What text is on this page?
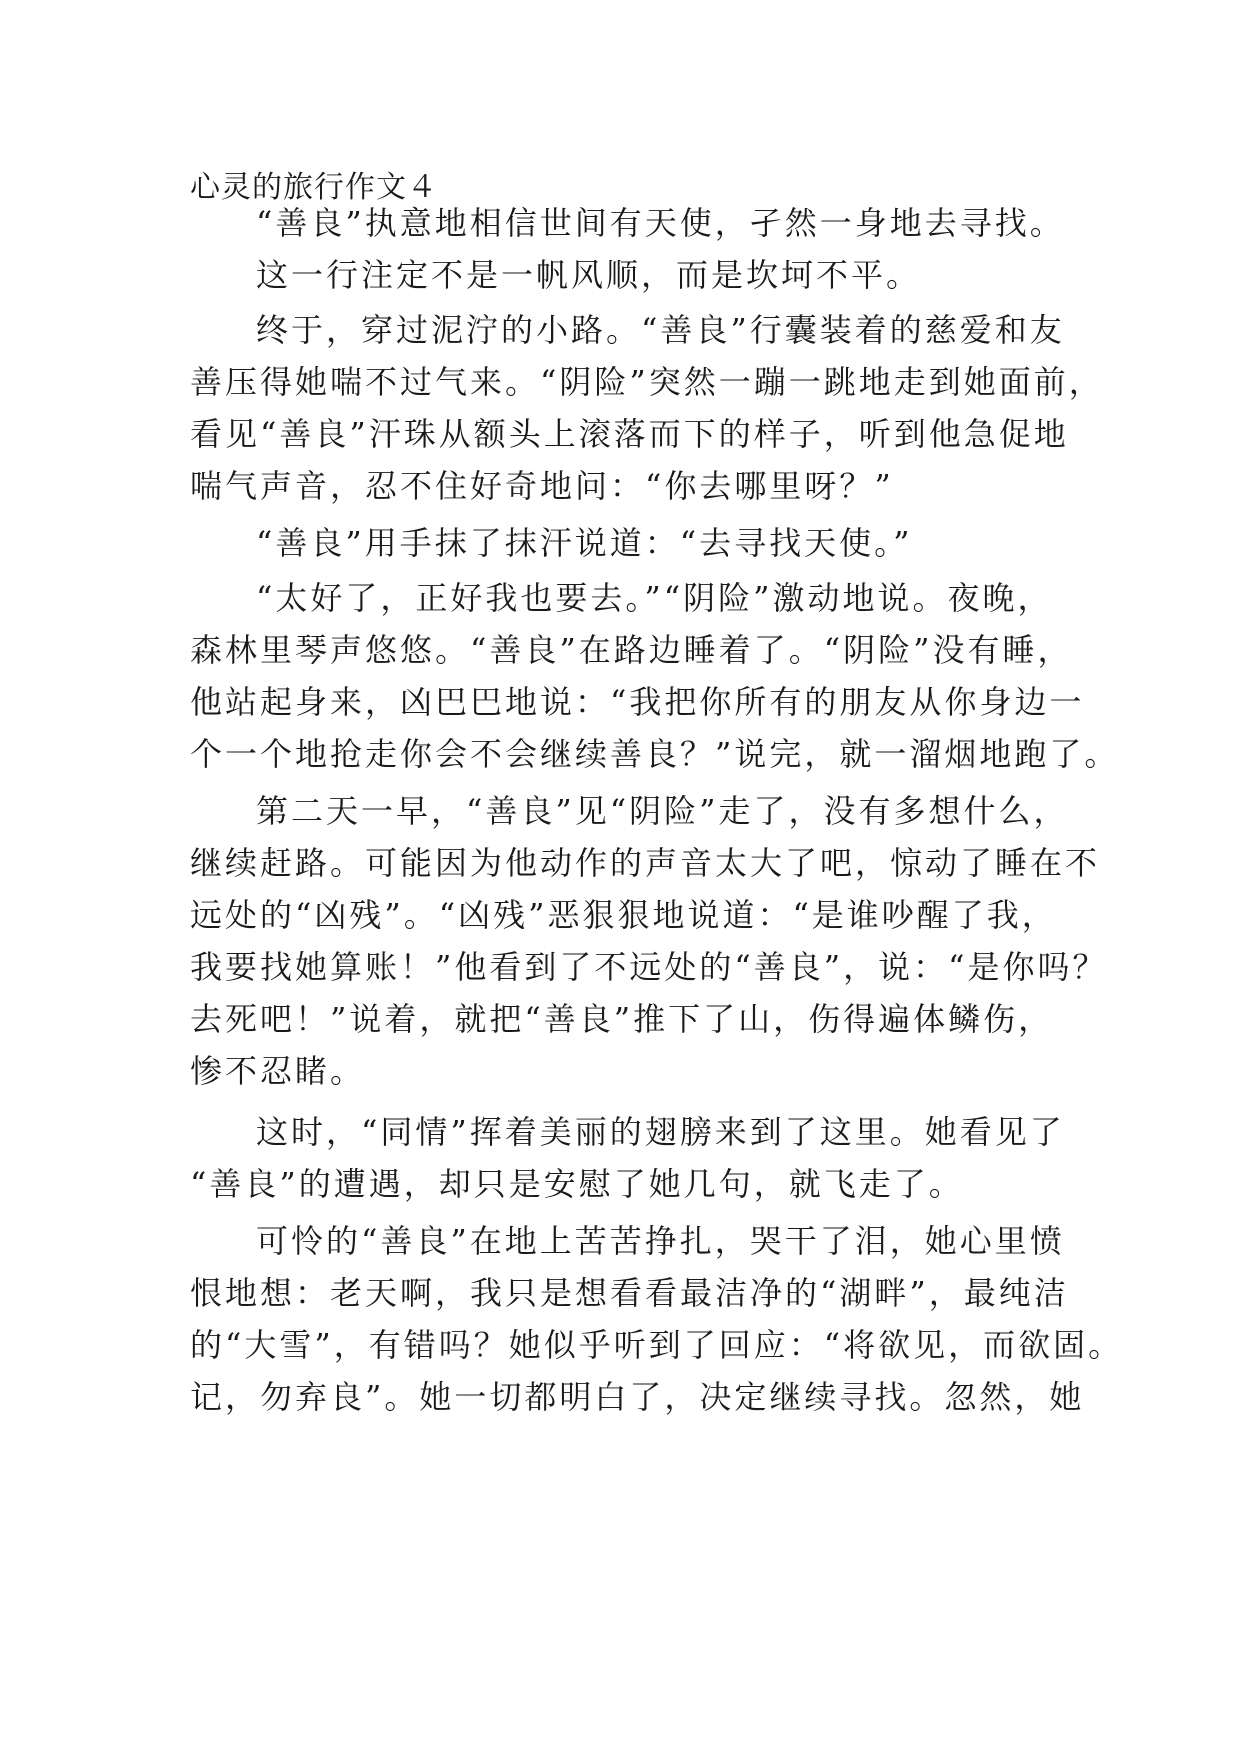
心灵的旅行作文４
“善良”执意地相信世间有天使，孑然一身地去寻找。
这一行注定不是一帆风顺，而是坎坷不平。
终于，穿过泥泞的小路。“善良”行囊装着的慈爱和友
善压得她喘不过气来。“阴险”突然一蹦一跳地走到她面前，
看见“善良”汗珠从额头上滚落而下的样子，听到他急促地
喘气声音，忍不住好奇地问：“你去哪里呀？”
“善良”用手抹了抹汗说道：“去寻找天使。”
“太好了，正好我也要去。”“阴险”激动地说。夜晚，
森林里琴声悠悠。“善良”在路边睡着了。“阴险”没有睡，
他站起身来，凶巴巴地说：“我把你所有的朋友从你身边一
个一个地抢走你会不会继续善良？”说完，就一溜烟地跑了。
第二天一早，“善良”见“阴险”走了，没有多想什么，
继续赶路。可能因为他动作的声音太大了吧，惊动了睡在不
远处的“凶残”。“凶残”恶狠狠地说道：“是谁吵醒了我，
我要找她算账！”他看到了不远处的“善良”，说：“是你吗？
去死吧！”说着，就把“善良”推下了山，伤得遍体鳞伤，
惨不忍睹。
这时，“同情”挥着美丽的翅膀来到了这里。她看见了
“善良”的遭遇，却只是安慰了她几句，就飞走了。
可怜的“善良”在地上苦苦挣扎，哭干了泪，她心里愤
恨地想：老天啊，我只是想看看最洁净的“湖畔”，最纯洁
的“大雪”，有错吗？她似乎听到了回应：“将欲见，而欲固。
记，勿弃良”。她一切都明白了，决定继续寻找。忽然，她
